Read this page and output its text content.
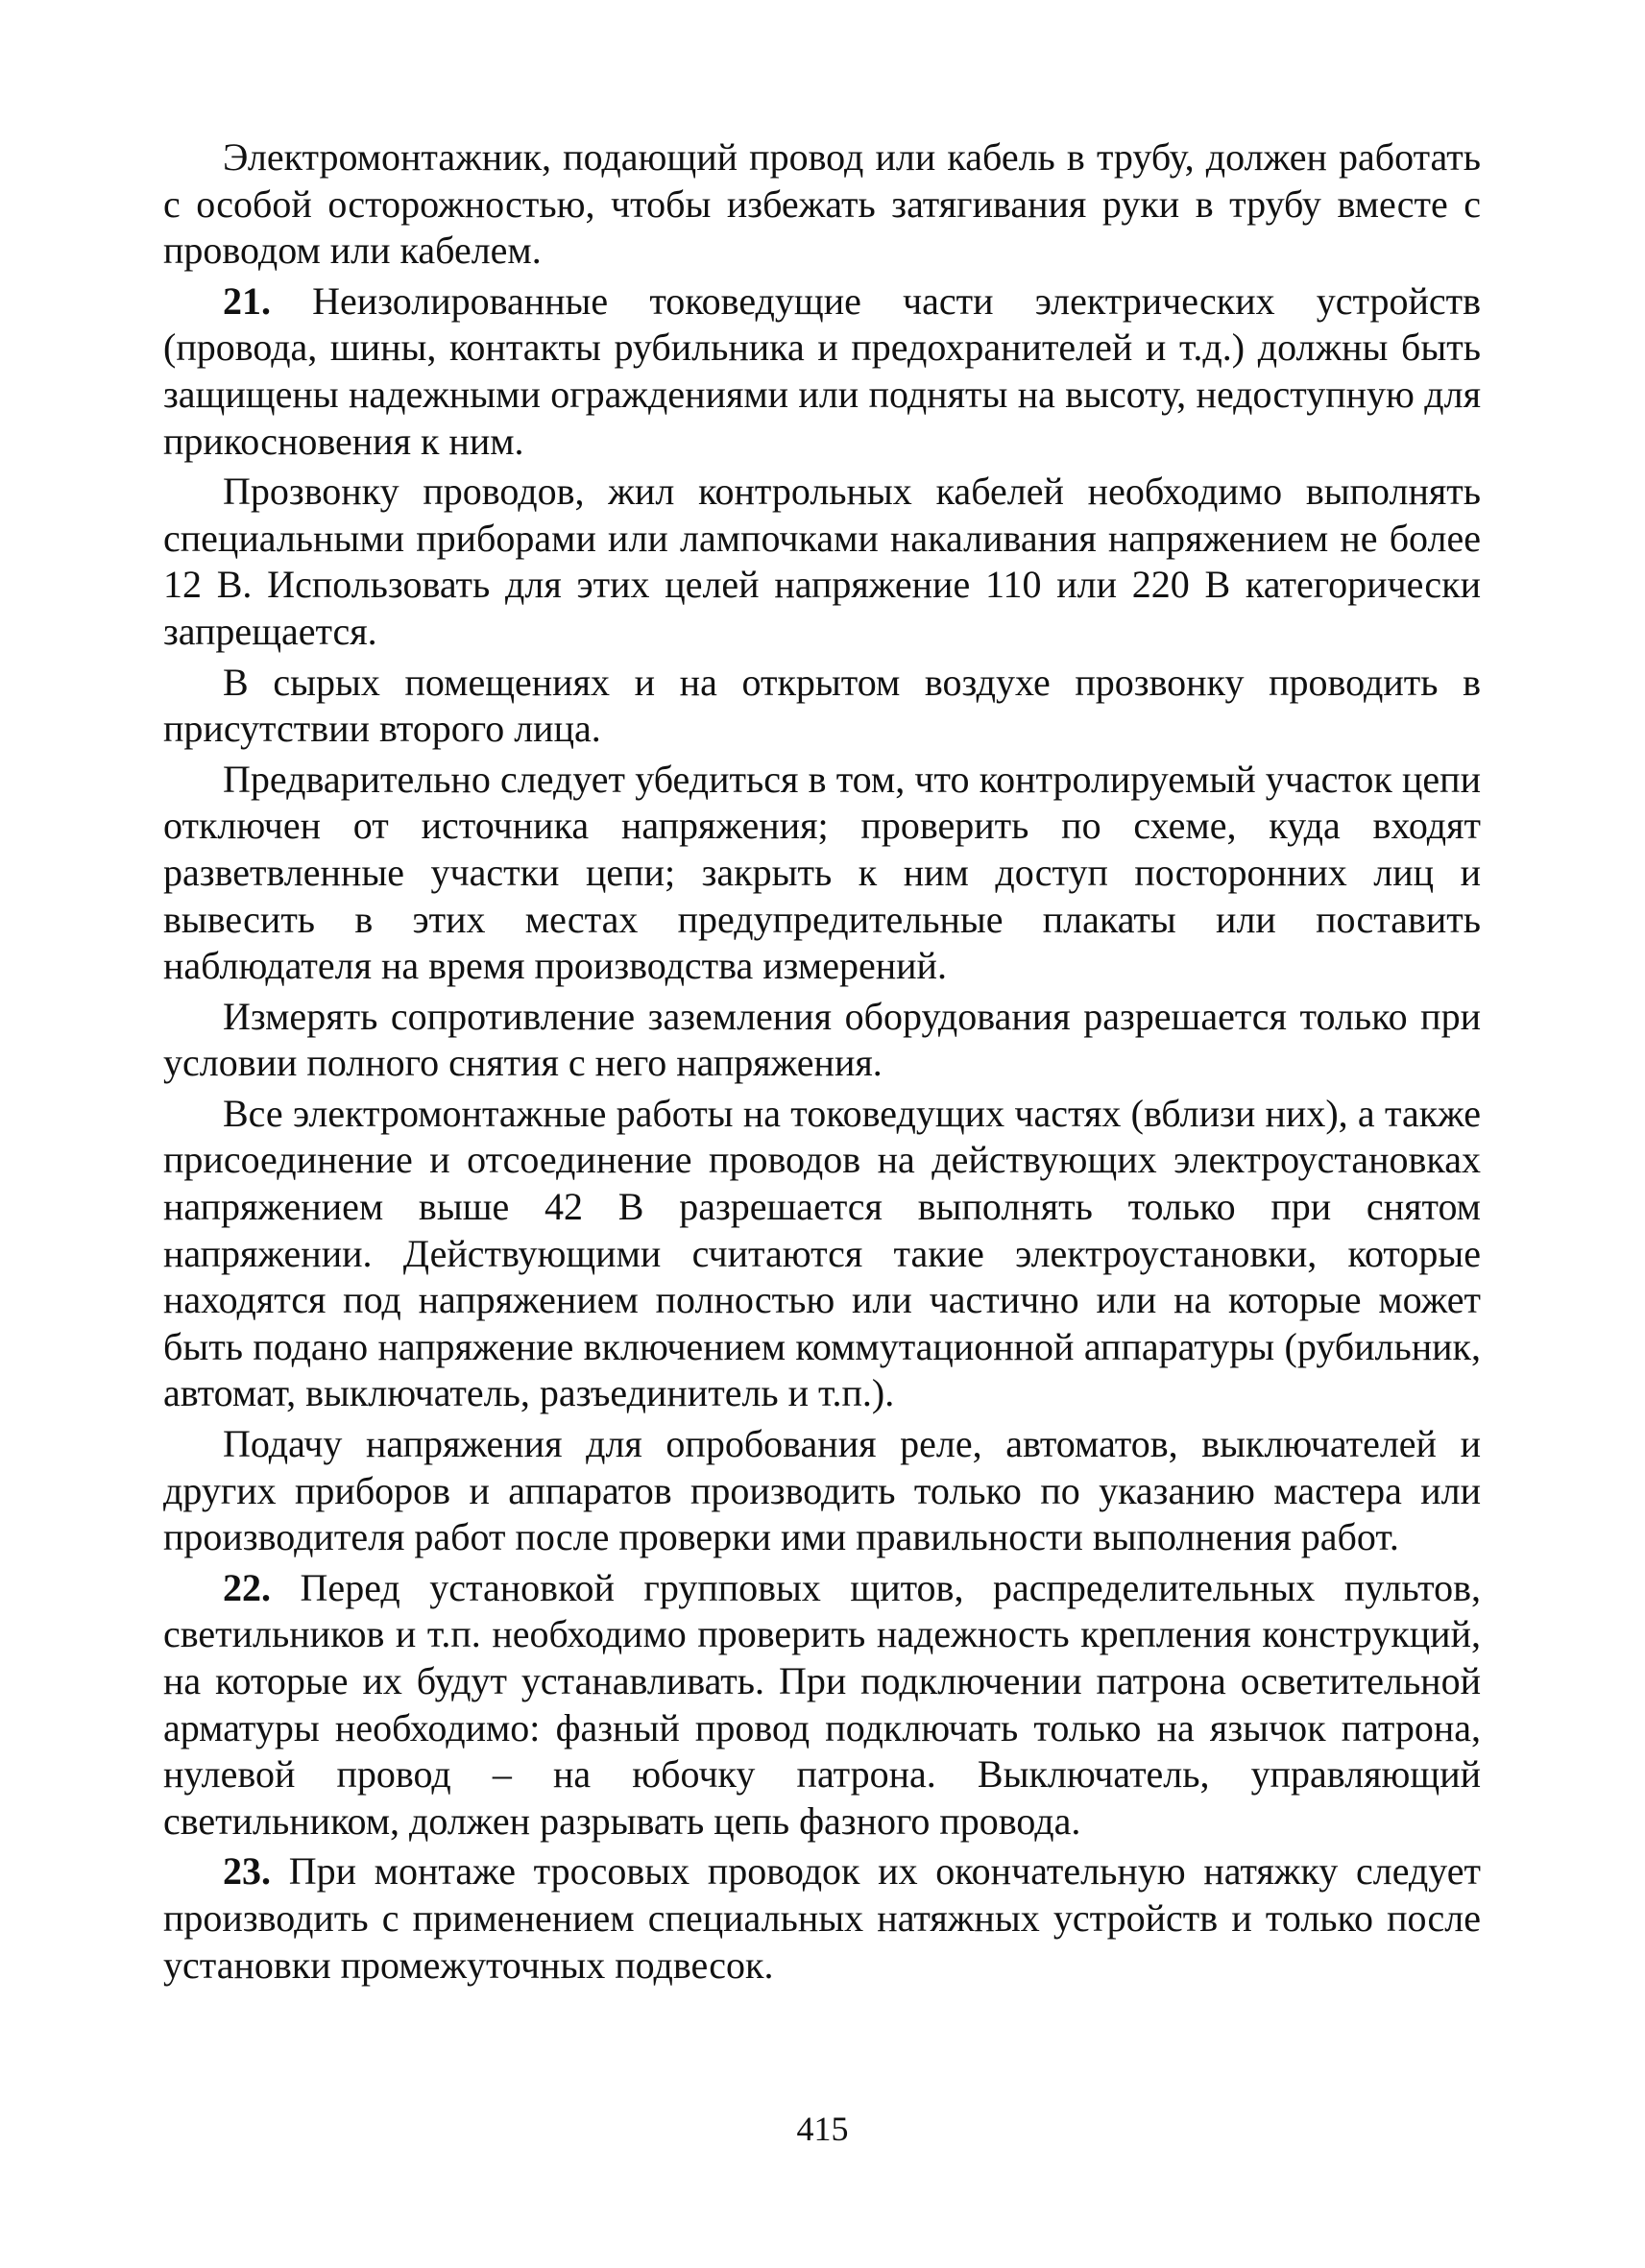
Электромонтажник, подающий провод или кабель в трубу, должен работать с особой осторожностью, чтобы избежать затягивания руки в трубу вместе с проводом или кабелем.

21. Неизолированные токоведущие части электрических устройств (провода, шины, контакты рубильника и предохранителей и т.д.) должны быть защищены надежными ограждениями или подняты на высоту, недоступную для прикосновения к ним.

Прозвонку проводов, жил контрольных кабелей необходимо выполнять специальными приборами или лампочками накаливания напряжением не более 12 В. Использовать для этих целей напряжение 110 или 220 В категорически запрещается.

В сырых помещениях и на открытом воздухе прозвонку проводить в присутствии второго лица.

Предварительно следует убедиться в том, что контролируемый участок цепи отключен от источника напряжения; проверить по схеме, куда входят разветвленные участки цепи; закрыть к ним доступ посторонних лиц и вывесить в этих местах предупредительные плакаты или поставить наблюдателя на время производства измерений.

Измерять сопротивление заземления оборудования разрешается только при условии полного снятия с него напряжения.

Все электромонтажные работы на токоведущих частях (вблизи них), а также присоединение и отсоединение проводов на действующих электроустановках напряжением выше 42 В разрешается выполнять только при снятом напряжении. Действующими считаются такие электроустановки, которые находятся под напряжением полностью или частично или на которые может быть подано напряжение включением коммутационной аппаратуры (рубильник, автомат, выключатель, разъединитель и т.п.).

Подачу напряжения для опробования реле, автоматов, выключателей и других приборов и аппаратов производить только по указанию мастера или производителя работ после проверки ими правильности выполнения работ.

22. Перед установкой групповых щитов, распределительных пультов, светильников и т.п. необходимо проверить надежность крепления конструкций, на которые их будут устанавливать. При подключении патрона осветительной арматуры необходимо: фазный провод подключать только на язычок патрона, нулевой провод – на юбочку патрона. Выключатель, управляющий светильником, должен разрывать цепь фазного провода.

23. При монтаже тросовых проводок их окончательную натяжку следует производить с применением специальных натяжных устройств и только после установки промежуточных подвесок.

415
